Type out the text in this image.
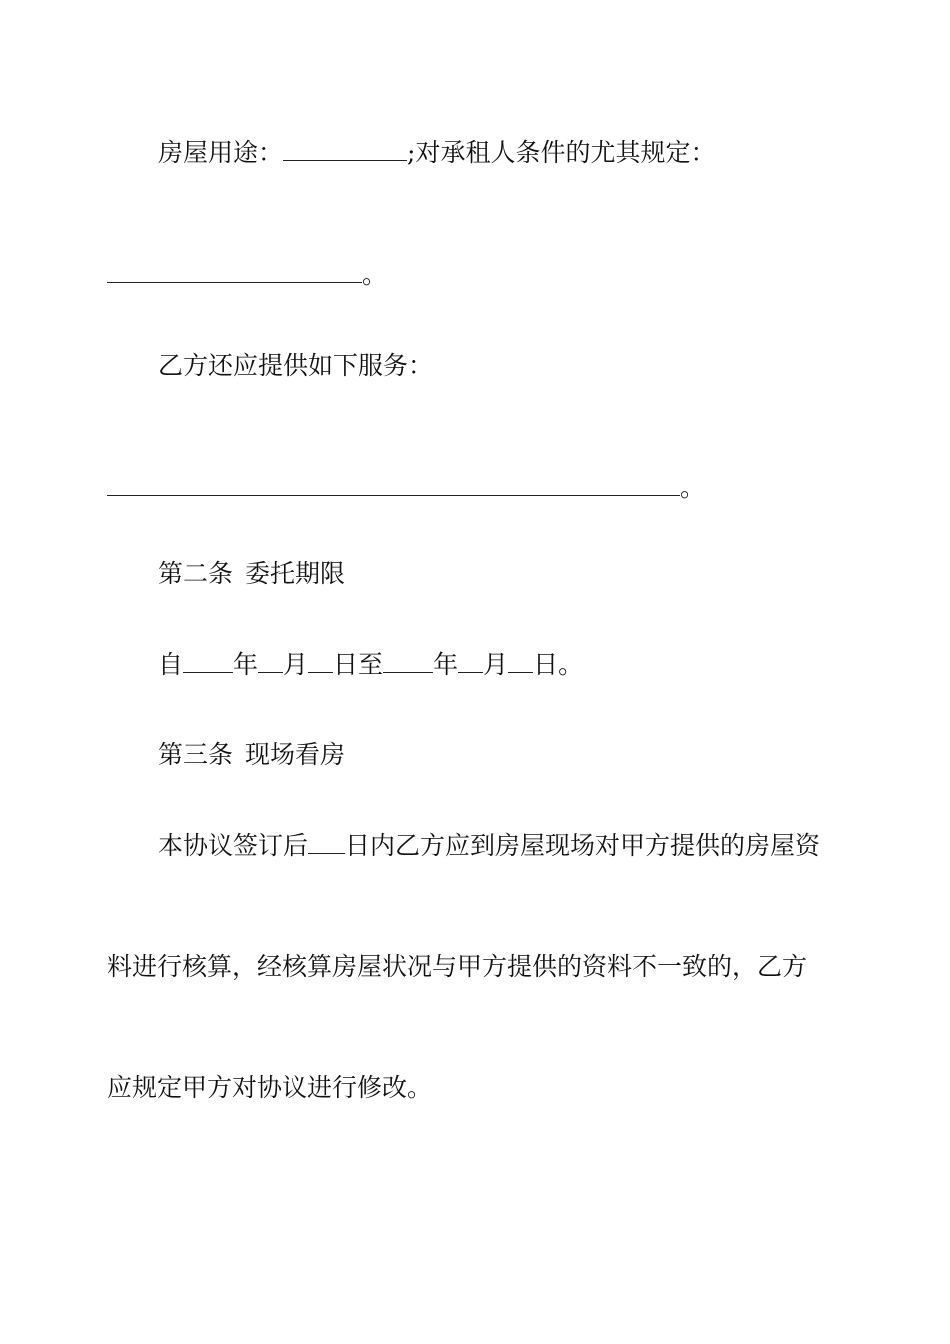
房屋用途：	;对承租人条件的尤其规定：

。

乙方还应提供如下服务：

。

第二条 委托期限

自 年 月 日至 年 月 日。

第三条 现场看房

本协议签订后 日内乙方应到房屋现场对甲方提供的房屋资

料进行核算，经核算房屋状况与甲方提供的资料不一致的，乙方

应规定甲方对协议进行修改。
